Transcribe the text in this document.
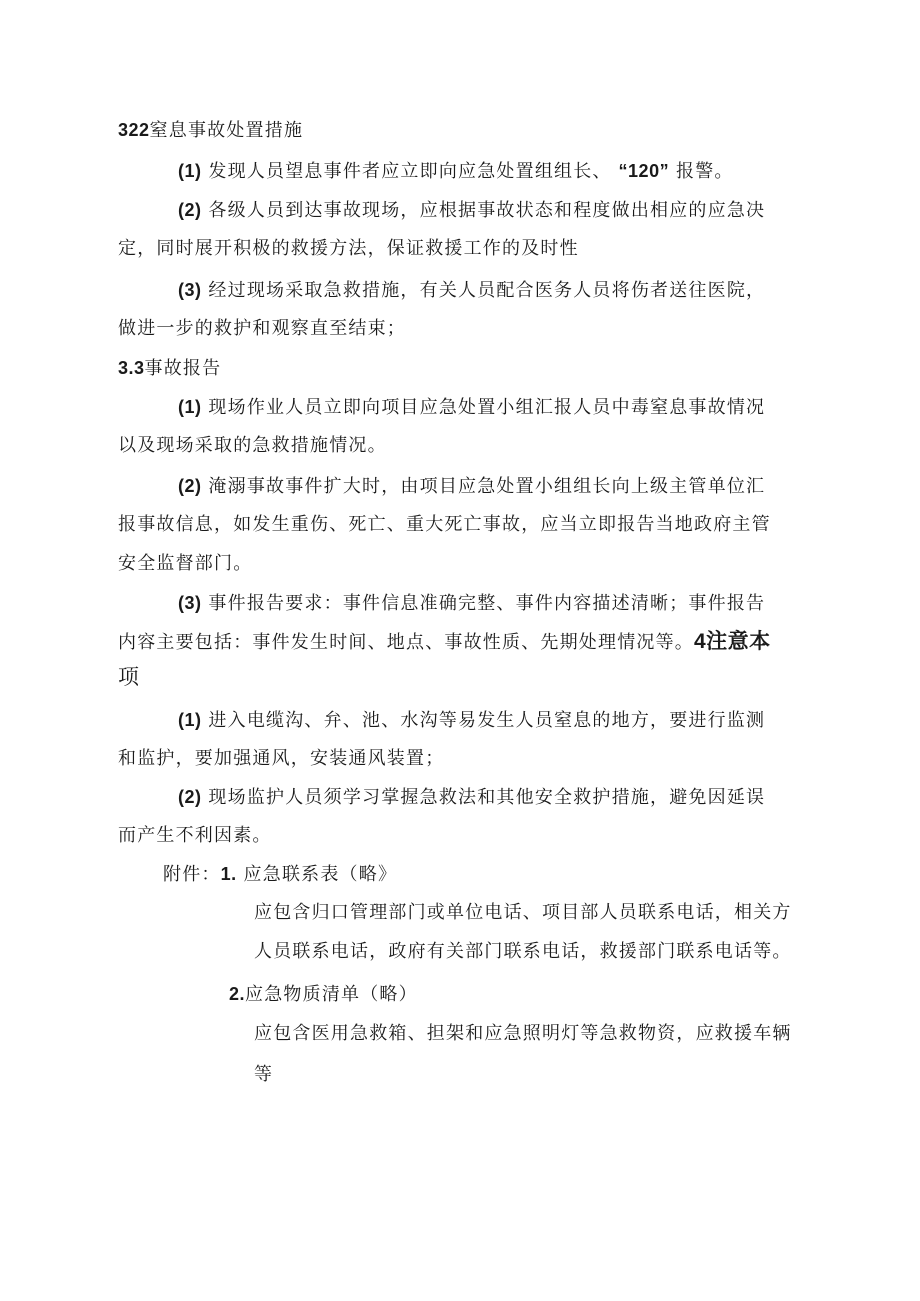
322窒息事故处置措施
(1) 发现人员望息事件者应立即向应急处置组组长、 “120” 报警。
(2) 各级人员到达事故现场，应根据事故状态和程度做出相应的应急决
定，同时展开积极的救援方法，保证救援工作的及时性
(3) 经过现场采取急救措施，有关人员配合医务人员将伤者送往医院，
做进一步的救护和观察直至结束；
3.3事故报告
(1) 现场作业人员立即向项目应急处置小组汇报人员中毒窒息事故情况
以及现场采取的急救措施情况。
(2) 淹溺事故事件扩大时，由项目应急处置小组组长向上级主管单位汇
报事故信息，如发生重伤、死亡、重大死亡事故，应当立即报告当地政府主管
安全监督部门。
(3) 事件报告要求：事件信息准确完整、事件内容描述清晰；事件报告
内容主要包括：事件发生时间、地点、事故性质、先期处理情况等。4注意本
项
(1) 进入电缆沟、弁、池、水沟等易发生人员窒息的地方，要进行监测
和监护，要加强通风，安装通风装置；
(2) 现场监护人员须学习掌握急救法和其他安全救护措施，避免因延误
而产生不利因素。
附件：1. 应急联系表（略》
应包含归口管理部门或单位电话、项目部人员联系电话，相关方
人员联系电话，政府有关部门联系电话，救援部门联系电话等。
2.应急物质清单（略）
应包含医用急救箱、担架和应急照明灯等急救物资，应救援车辆
等
